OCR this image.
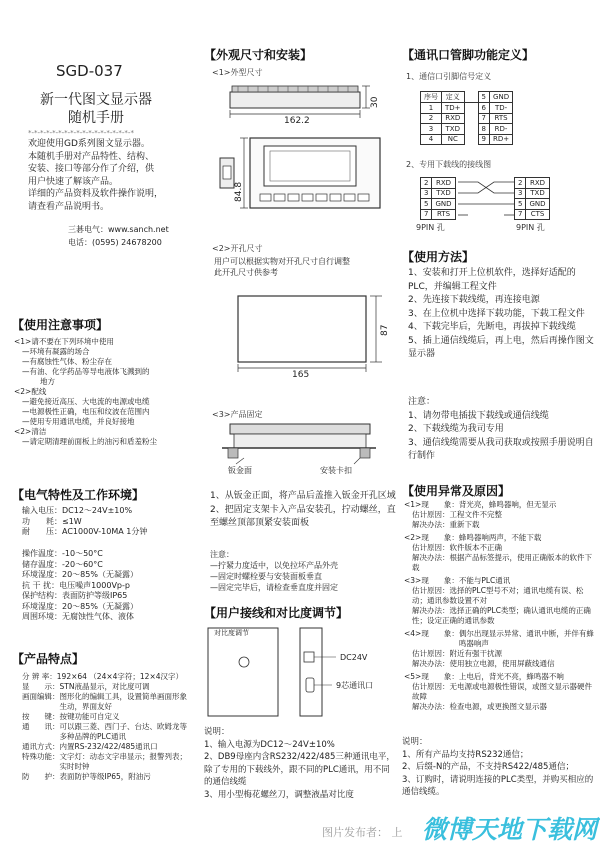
SGD-037
新一代图文显示器
随机手册
*-*-*-*-*-*-*-*-*-*-*-*-*-*-*-*-*-*
欢迎使用GD系列图文显示器。
本随机手册对产品特性、结构、
安装、接口等部分作了介绍，供
用户快速了解该产品。
详细的产品资料及软件操作说明，
请查看产品说明书。
三碁电气：www.sanch.net
电话：(0595) 24678200
【使用注意事项】
<1>请不要在下列环境中使用
—环境有凝露的场合
—有腐蚀性气体、粉尘存在
—有油、化学药品等导电液体飞溅到的
地方
<2>配线
—避免接近高压、大电流的电源或电缆
—电源极性正确，电压和纹波在范围内
—使用专用通讯电缆，并良好接地
<2>清洁
—请定期清理前面板上的油污和盾羞粉尘
【电气特性及工作环境】
输入电压： DC12～24V±10%
功　　耗： ≤1W
耐　　压： AC1000V-10MA 1分钟
操作温度： -10～50°C
储存温度： -20～60°C
环境湿度： 20～85%（无凝露）
抗 干 扰： 电压噪声1000Vp-p
保护结构： 表面防护等级IP65
环境湿度： 20～85%（无凝露）
周围环境： 无腐蚀性气体、液体
【产品特点】
分 辨 率： 192×64 （24×4字符；12×4汉字）
显　　示： STN液晶显示，对比度可调
画面编辑： 图形化的编辑工具，设置简单画面形象生动，界面友好
按　　键： 按键功能可自定义
通　　讯： 可以跟三菱、西门子、台达、欧姆龙等多种品牌的PLC通讯
通讯方式： 内置RS-232/422/485通讯口
特殊功能： 文字灯：动态文字串显示；报警列表；实时时钟
防　　护： 表面防护等级IP65，附油污
【外观尺寸和安装】
<1>外型尺寸
162.2
30
84.8
<2>开孔尺寸
用户可以根据实物对开孔尺寸自行调整
此开孔尺寸供参考
87
165
<3>产品固定
钣金面	安装卡扣
1、从钣金正面，将产品后盖推入钣金开孔区域
2、把固定支架卡入产品安装孔，拧动螺丝，直至螺丝顶部顶紧安装面板
注意：
—拧紧力度适中，以免拉坏产品外壳
—固定时螺栓要与安装面板垂直
—固定完毕后，请检查垂直度并固定
【用户接线和对比度调节】
对比度调节
DC24V
9芯通讯口
说明：
1、输入电源为DC12～24V±10%
2、DB9母座内含RS232/422/485三种通讯电平，除了专用的下载线外，跟不同的PLC通讯，用不同的通信线缆
3、用小型梅花螺丝刀，调整液晶对比度
【通讯口管脚功能定义】
1、通信口引脚信号定义
序号	定义		5	GND
1	TD+		6	TD-
2	RXD		7	RTS
3	TXD		8	RD-
4	NC		9	RD+
2、专用下载线的接线图
2	RXD
3	TXD
5	GND
7	RTS
2	RXD
3	TXD
5	GND
7	CTS
9PIN 孔	9PIN 孔
【使用方法】
1、安装和打开上位机软件，选择好适配的PLC，并编辑工程文件
2、先连接下载线缆，再连接电源
3、在上位机中选择下载功能，下载工程文件
4、下载完毕后，先断电，再拔掉下载线缆
5、插上通信线缆后，再上电，然后再操作图文显示器
注意：
1、请勿带电插拔下载线或通信线缆
2、下载线缆为我司专用
3、通信线缆需要从我司获取或按照手册说明自行制作
【使用异常及原因】
<1>现　　象： 背光亮，蜂鸣器响，但无显示
估计原因：工程文件不完整
解决办法：重新下载
<2>现　　象： 蜂鸣器响两声，不能下载
估计原因：软件版本不正确
解决办法：根据产品标签提示，使用正确版本的软件下载
<3>现　　象： 不能与PLC通讯
估计原因：选择的PLC型号不对；通讯电缆有误、松动；通讯参数设置不对
解决办法：选择正确的PLC类型；确认通讯电缆的正确性；设定正确的通讯参数
<4>现　　象： 偶尔出现显示异常、通讯中断，并伴有蜂鸣器响声
估计原因：附近有强干扰源
解决办法：使用独立电源，使用屏蔽线通信
<5>现　　象： 上电后，背光不亮，蜂鸣器不响
估计原因：无电源或电源极性错误，或图文显示器硬件故障
解决办法：检查电源，或更换图文显示器
说明：
1、所有产品均支持RS232通信；
2、后缀-N的产品，不支持RS422/485通信；
3、订购时，请说明连接的PLC类型，并购买相应的通信线缆。
图片发布者： 上 微博天地下载网
